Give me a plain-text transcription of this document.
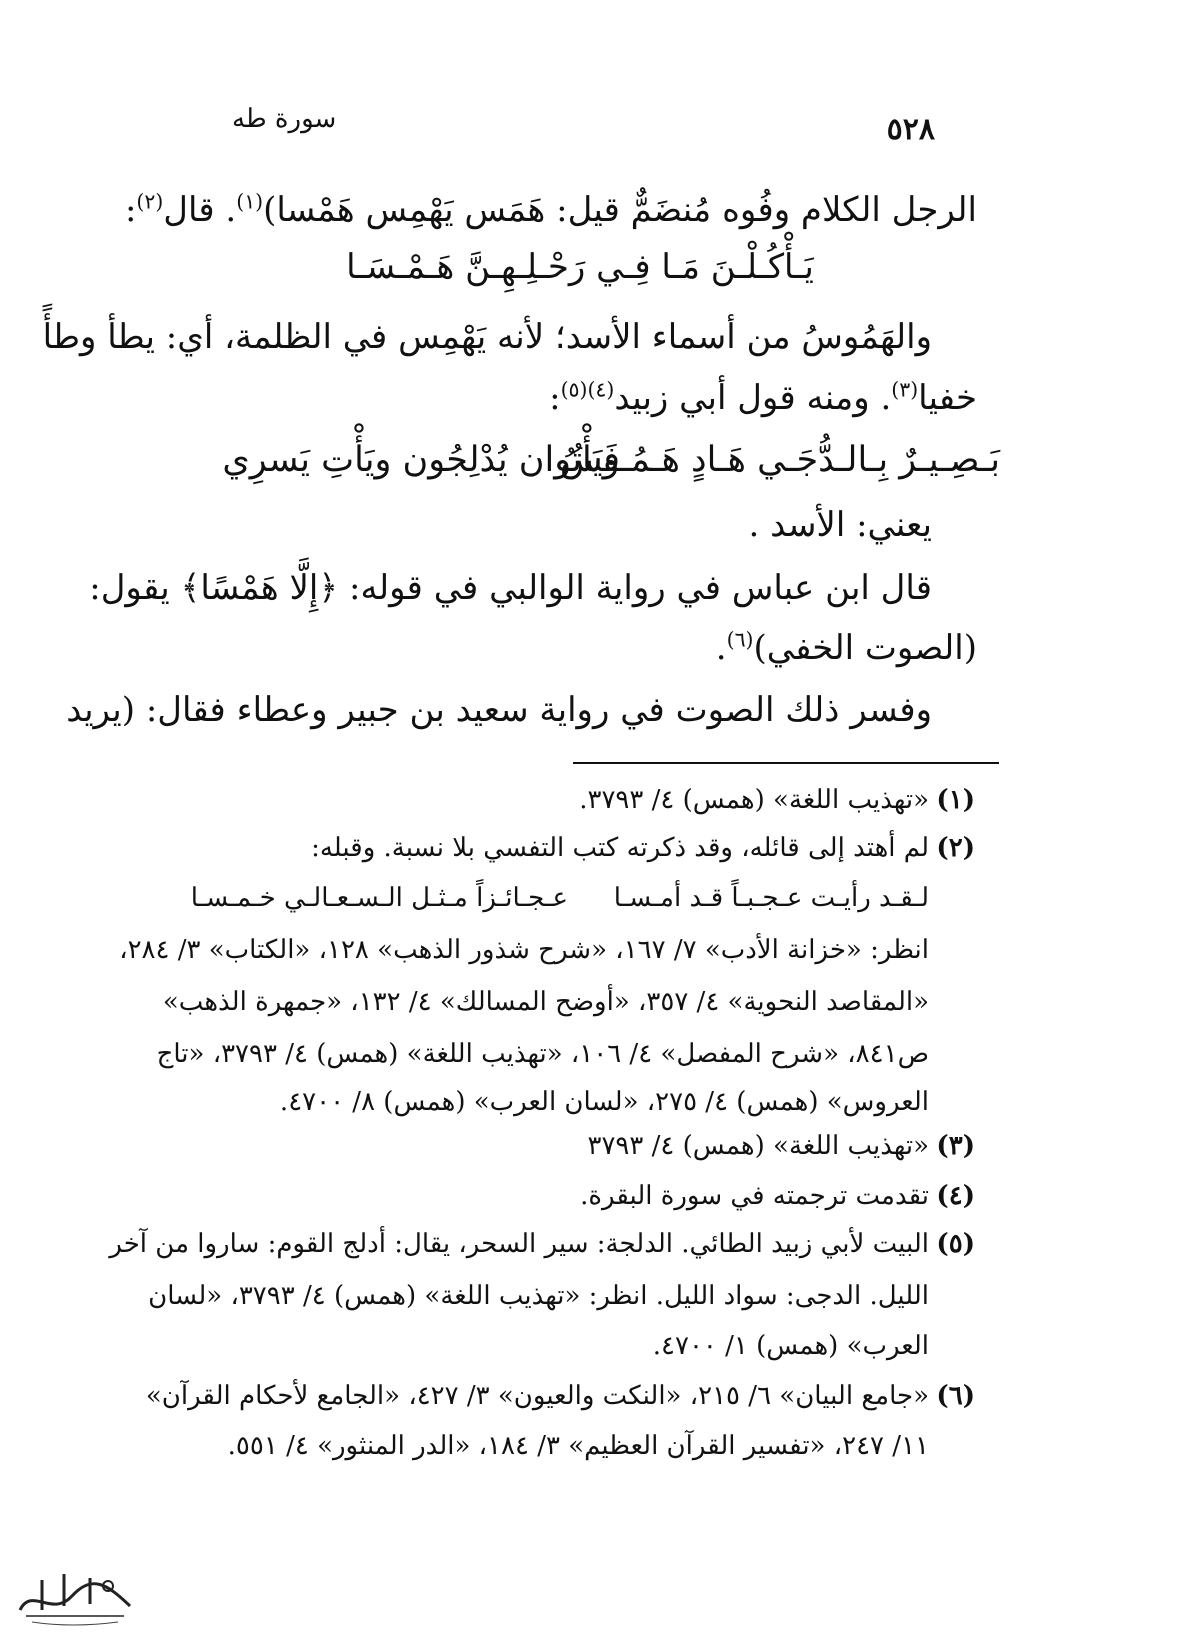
سورة طه	٥٢٨
الرجل الكلام وفُوه مُنضَمٌّ قيل: هَمَس يَهْمِس هَمْسا)$^{(١)}$. قال$^{(٢)}$:
يَـأْكُـلْـنَ مَـا فِـي رَحْـلِـهِـنَّ هَـمْـسَـا
والهَمُوسُ من أسماء الأسد؛ لأنه يَهْمِس في الظلمة، أي: يطأ وطأً
خفيا$^{(٣)}$. ومنه قول أبي زبيد$^{(٤)(٥)}$:
فَيَأْتُوان يُدْلِجُون ويَأْتِ يَسرِي
بَـصِـيـرٌ بِـالـدُّجَـي هَـادٍ هَـمُـوسُ
يعني: الأسد .
قال ابن عباس في رواية الوالبي في قوله: ﴿إِلَّا هَمْسًا﴾ يقول:
(الصوت الخفي)$^{(٦)}$.
وفسر ذلك الصوت في رواية سعيد بن جبير وعطاء فقال: (يريد
(١)«تهذيب اللغة» (همس) ٤/ ٣٧٩٣.
(٢)لم أهتد إلى قائله، وقد ذكرته كتب التفسي بلا نسبة. وقبله:
لـقـد رأيـت عـجـبـاً قـد أمـسـا
عـجـائـزاً مـثـل الـسـعـالـي خـمـسـا
انظر: «خزانة الأدب» ٧/ ١٦٧، «شرح شذور الذهب» ١٢٨، «الكتاب» ٣/ ٢٨٤،
«المقاصد النحوية» ٤/ ٣٥٧، «أوضح المسالك» ٤/ ١٣٢، «جمهرة الذهب»
ص٨٤١، «شرح المفصل» ٤/ ١٠٦، «تهذيب اللغة» (همس) ٤/ ٣٧٩٣، «تاج
العروس» (همس) ٤/ ٢٧٥، «لسان العرب» (همس) ٨/ ٤٧٠٠.
(٣)«تهذيب اللغة» (همس) ٤/ ٣٧٩٣
(٤)تقدمت ترجمته في سورة البقرة.
(٥)البيت لأبي زبيد الطائي. الدلجة: سير السحر، يقال: أدلج القوم: ساروا من آخر
الليل. الدجى: سواد الليل. انظر: «تهذيب اللغة» (همس) ٤/ ٣٧٩٣، «لسان
العرب» (همس) ١/ ٤٧٠٠.
(٦)«جامع البيان» ٦/ ٢١٥، «النكت والعيون» ٣/ ٤٢٧، «الجامع لأحكام القرآن»
١١/ ٢٤٧، «تفسير القرآن العظيم» ٣/ ١٨٤، «الدر المنثور» ٤/ ٥٥١.
